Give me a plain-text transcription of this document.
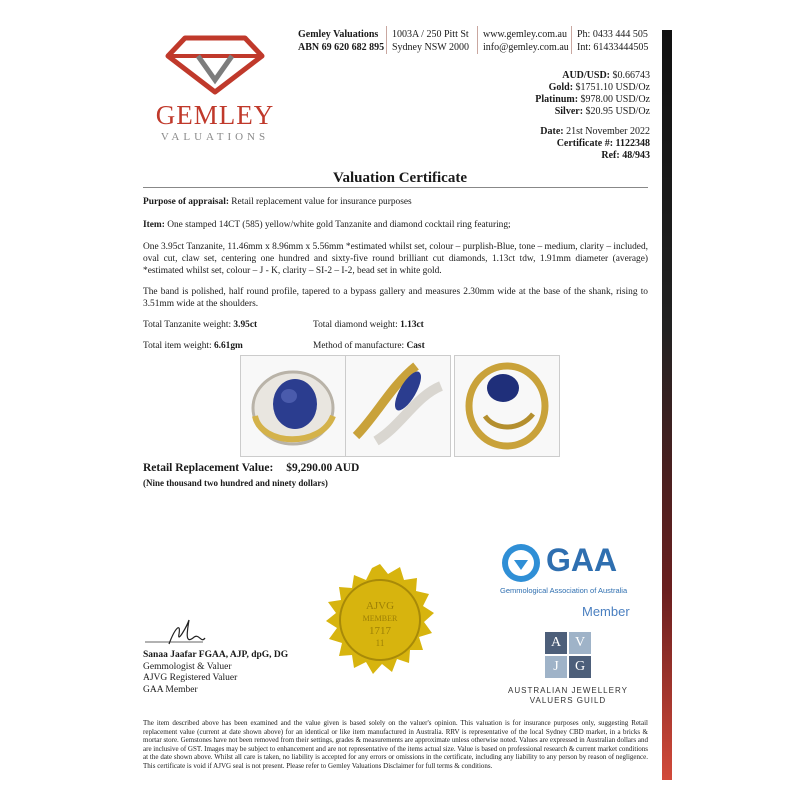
GEMLEY
VALUATIONS
Gemley Valuations
ABN 69 620 682 895
1003A / 250 Pitt St
Sydney NSW 2000
www.gemley.com.au
info@gemley.com.au
Ph: 0433 444 505
Int: 61433444505
AUD/USD: $0.66743
Gold: $1751.10 USD/Oz
Platinum: $978.00 USD/Oz
Silver: $20.95 USD/Oz
Date: 21st November 2022
Certificate #: 1122348
Ref: 48/943
Valuation Certificate
Purpose of appraisal: Retail replacement value for insurance purposes
Item: One stamped 14CT (585) yellow/white gold Tanzanite and diamond cocktail ring featuring;
One 3.95ct Tanzanite, 11.46mm x 8.96mm x 5.56mm *estimated whilst set, colour – purplish-Blue, tone – medium, clarity – included, oval cut, claw set, centering one hundred and sixty-five round brilliant cut diamonds, 1.13ct tdw, 1.91mm diameter (average) *estimated whilst set, colour – J - K, clarity – SI-2 – I-2, bead set in white gold.
The band is polished, half round profile, tapered to a bypass gallery and measures 2.30mm wide at the base of the shank, rising to 3.51mm wide at the shoulders.
Total Tanzanite weight: 3.95ct	Total diamond weight: 1.13ct
Total item weight: 6.61gm	Method of manufacture: Cast
Retail Replacement Value: $9,290.00 AUD
(Nine thousand two hundred and ninety dollars)
AJVG
MEMBER
1717
11
GAA
Gemmological Association of Australia
Member
A V
J	G
AUSTRALIAN JEWELLERY
VALUERS GUILD
Sanaa Jaafar FGAA, AJP, dpG, DG
Gemmologist & Valuer
AJVG Registered Valuer
GAA Member
The item described above has been examined and the value given is based solely on the valuer's opinion. This valuation is for insurance purposes only, suggesting Retail replacement value (current at date shown above) for an identical or like item manufactured in Australia. RRV is representative of the local Sydney CBD market, in a bricks & mortar store. Gemstones have not been removed from their settings, grades & measurements are approximate unless otherwise noted. Values are expressed in Australian dollars and are inclusive of GST. Images may be subject to enhancement and are not representative of the items actual size. Value is based on professional research & current market conditions at the date shown above. Whilst all care is taken, no liability is accepted for any errors or omissions in the certificate, including any liability to any person by reason of negligence. This certificate is void if AJVG seal is not present. Please refer to Gemley Valuations Disclaimer for full terms & conditions.
